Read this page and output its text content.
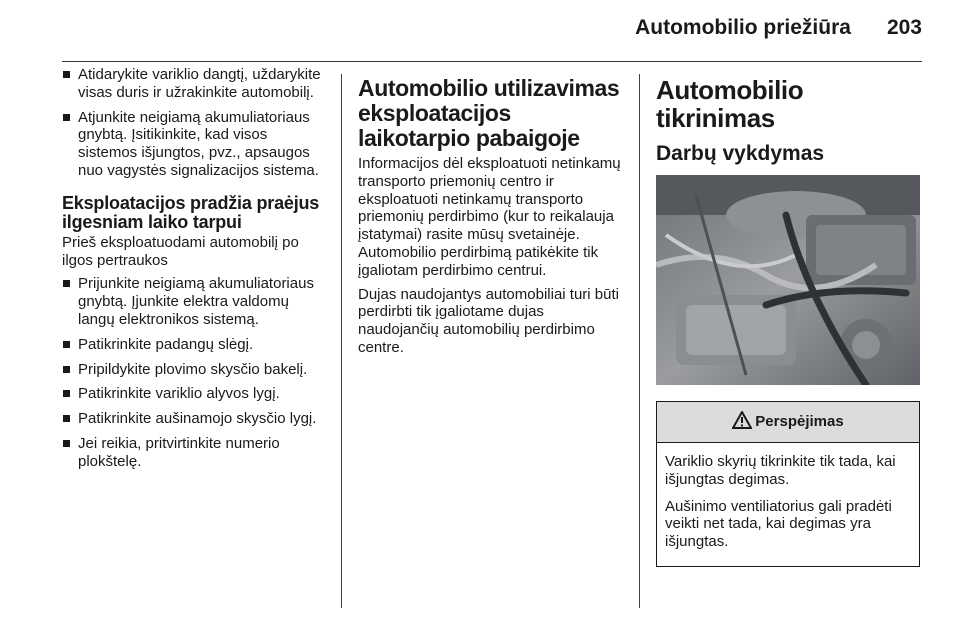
Automobilio priežiūra 203
Atidarykite variklio dangtį, uždarykite visas duris ir užrakinkite automobilį.
Atjunkite neigiamą akumuliatoriaus gnybtą. Įsitikinkite, kad visos sistemos išjungtos, pvz., apsaugos nuo vagystės signalizacijos sistema.
Eksploatacijos pradžia praėjus ilgesniam laiko tarpui

Prieš eksploatuodami automobilį po ilgos pertraukos

Prijunkite neigiamą akumuliatoriaus gnybtą. Įjunkite elektra valdomų langų elektronikos sistemą.
Patikrinkite padangų slėgį.
Pripildykite plovimo skysčio bakelį.
Patikrinkite variklio alyvos lygį.
Patikrinkite aušinamojo skysčio lygį.
Jei reikia, pritvirtinkite numerio plokštelę.
Automobilio utilizavimas eksploatacijos laikotarpio pabaigoje

Informacijos dėl eksploatuoti netinkamų transporto priemonių centro ir eksploatuoti netinkamų transporto priemonių perdirbimo (kur to reikalauja įstatymai) rasite mūsų svetainėje. Automobilio perdirbimą patikėkite tik įgaliotam perdirbimo centrui.

Dujas naudojantys automobiliai turi būti perdirbti tik įgaliotame dujas naudojančių automobilių perdirbimo centre.

Automobilio tikrinimas
Darbų vykdymas
Perspėjimas

Variklio skyrių tikrinkite tik tada, kai išjungtas degimas.

Aušinimo ventiliatorius gali pradėti veikti net tada, kai degimas yra išjungtas.
